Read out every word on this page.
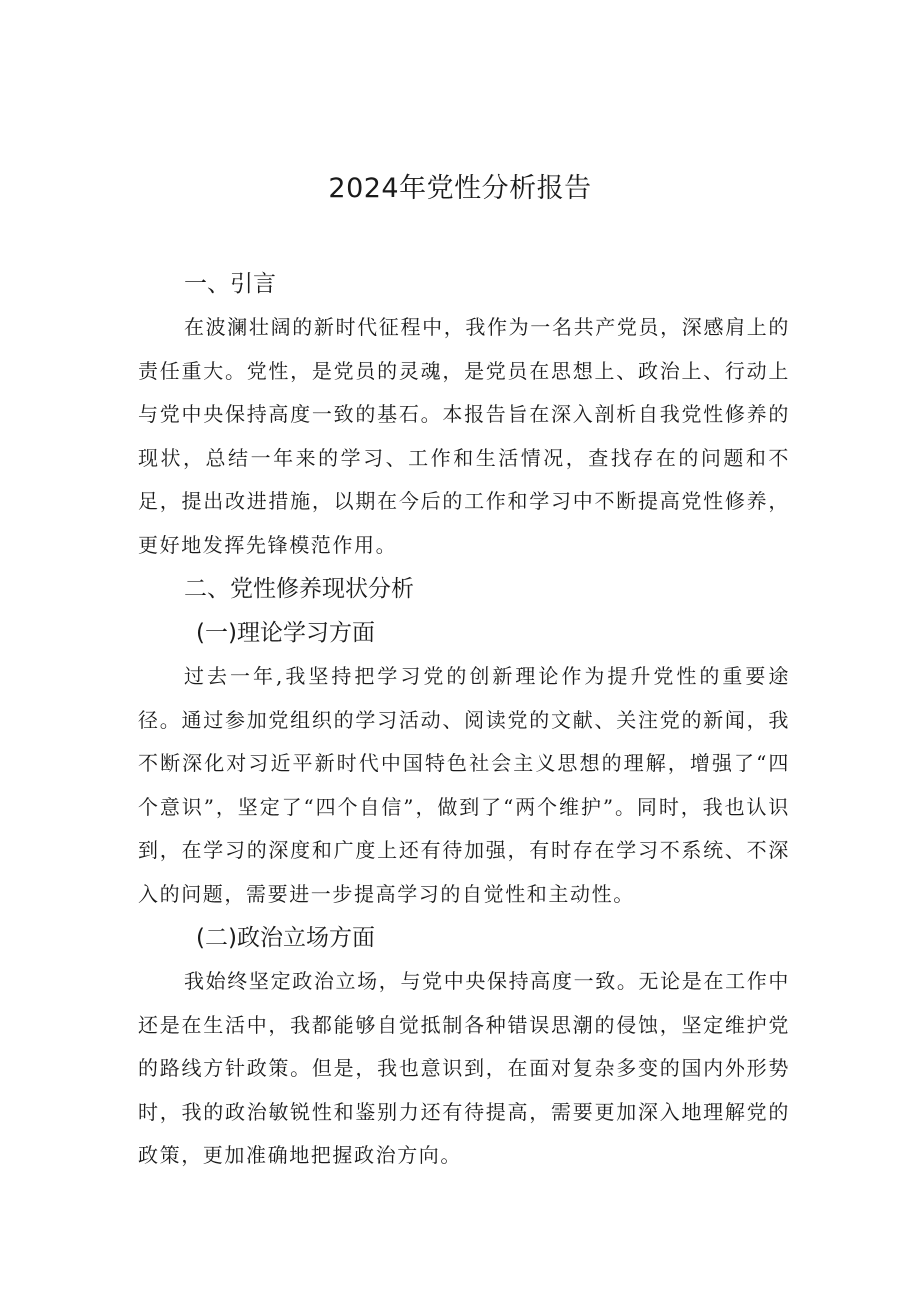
2024年党性分析报告
一、引言

在波澜壮阔的新时代征程中，我作为一名共产党员，深感肩上的责任重大。党性，是党员的灵魂，是党员在思想上、政治上、行动上与党中央保持高度一致的基石。本报告旨在深入剖析自我党性修养的现状，总结一年来的学习、工作和生活情况，查找存在的问题和不足，提出改进措施，以期在今后的工作和学习中不断提高党性修养，更好地发挥先锋模范作用。

二、党性修养现状分析
(一)理论学习方面

过去一年,我坚持把学习党的创新理论作为提升党性的重要途径。通过参加党组织的学习活动、阅读党的文献、关注党的新闻，我不断深化对习近平新时代中国特色社会主义思想的理解，增强了“四个意识”，坚定了“四个自信”，做到了“两个维护”。同时，我也认识到，在学习的深度和广度上还有待加强，有时存在学习不系统、不深入的问题，需要进一步提高学习的自觉性和主动性。

(二)政治立场方面

我始终坚定政治立场，与党中央保持高度一致。无论是在工作中还是在生活中，我都能够自觉抵制各种错误思潮的侵蚀，坚定维护党的路线方针政策。但是，我也意识到，在面对复杂多变的国内外形势时，我的政治敏锐性和鉴别力还有待提高，需要更加深入地理解党的政策，更加准确地把握政治方向。
